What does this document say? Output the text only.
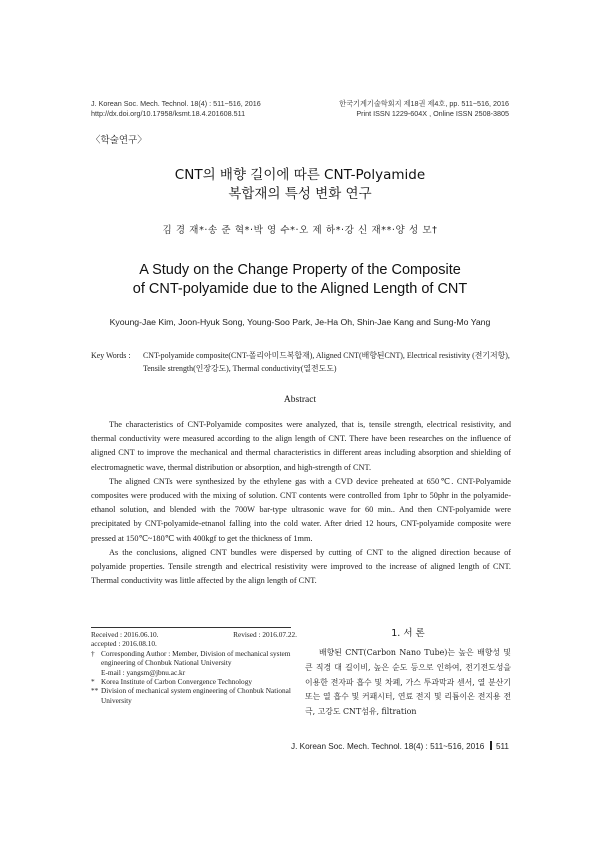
J. Korean Soc. Mech. Technol. 18(4) : 511~516, 2016
http://dx.doi.org/10.17958/ksmt.18.4.201608.511
한국기계기술학회지 제18권 제4호, pp. 511~516, 2016
Print ISSN 1229-604X , Online ISSN 2508-3805
〈학술연구〉
CNT의 배향 길이에 따른 CNT-Polyamide
복합재의 특성 변화 연구
김 경 재*·송 준 혁*·박 영 수*·오 제 하*·강 신 재**·양 성 모†
A Study on the Change Property of the Composite
of CNT-polyamide due to the Aligned Length of CNT
Kyoung-Jae Kim, Joon-Hyuk Song, Young-Soo Park, Je-Ha Oh, Shin-Jae Kang and Sung-Mo Yang
Key Words :	CNT-polyamide composite(CNT-폴리아미드복합재), Aligned CNT(배향된CNT), Electrical resistivity (전기저항), Tensile strength(인장강도), Thermal conductivity(열전도도)
Abstract

The characteristics of CNT-Polyamide composites were analyzed, that is, tensile strength, electrical resistivity, and thermal conductivity were measured according to the align length of CNT. There have been researches on the influence of aligned CNT to improve the mechanical and thermal characteristics in different areas including absorption and shielding of electromagnetic wave, thermal distribution or absorption, and high-strength of CNT.

The aligned CNTs were synthesized by the ethylene gas with a CVD device preheated at 650℃. CNT-Polyamide composites were produced with the mixing of solution. CNT contents were controlled from 1phr to 50phr in the polyamide-ethanol solution, and blended with the 700W bar-type ultrasonic wave for 60 min.. And then CNT-polyamide were precipitated by CNT-polyamide-etnanol falling into the cold water. After dried 12 hours, CNT-polyamide composite were pressed at 150℃~180℃ with 400kgf to get the thickness of 1mm.

As the conclusions, aligned CNT bundles were dispersed by cutting of CNT to the aligned direction because of polyamide properties. Tensile strength and electrical resistivity were improved to the increase of aligned length of CNT. Thermal conductivity was little affected by the align length of CNT.

Received : 2016.06.10.	Revised : 2016.07.22.
accepted : 2016.08.10.
† Corresponding Author : Member, Division of mechanical system engineering of Chonbuk National University
E-mail : yangsm@jbnu.ac.kr
* Korea Institute of Carbon Convergence Technology
** Division of mechanical system engineering of Chonbuk National University
1. 서 론
배향된 CNT(Carbon Nano Tube)는 높은 배향성 및 큰 직경 대 길이비, 높은 순도 등으로 인하여, 전기전도성을 이용한 전자파 흡수 및 차폐, 가스 투과막과 센서, 열 분산기 또는 열 흡수 및 커패시터, 연료 전지 및 리튬이온 전지용 전극, 고강도 CNT섬유, filtration
J. Korean Soc. Mech. Technol. 18(4) : 511~516, 2016 511
